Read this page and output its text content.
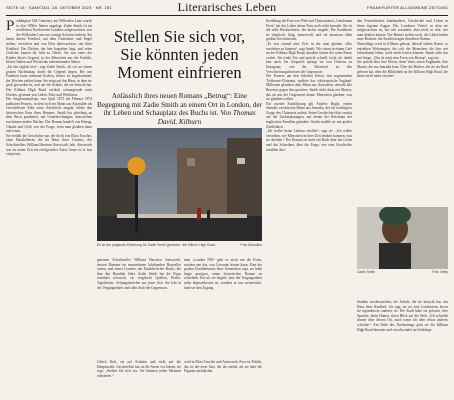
SEITE 18 · SAMSTAG, 28. OKTOBER 2023 · NR. 251	Literarisches Leben	FRANKFURTER ALLGEMEINE ZEITUNG

Paddington Old Cemetery am Willesden Lane wurde in den 1850er Jahren angelegt. Zadie Smith ist im nördlichen Nordwesten Londons aufgewachsen, von der Willesden Lane nur wenige Schritte entfernt. Sie kennt diesen Friedhof, auf dem Grabsteine und Engel stehen, verwittert und von Efeu überwachsen, seit ihrer Kindheit. Der Dichter, der hier begraben liegt, und seine Gedichte kamen ihr früh zu Ohren. Sie war eines der Kinder dieser Gegend, in der Menschen aus der Karibik, Irland, Indien und Westafrika nebeneinander lebten.

„Ich bin täglich hier“, sagt Zadie Smith, als wir an einem grauen Nachmittag durch die Gegend liegen. Bei uns Familien kann niemand fischen, keiner ist angekommen, der Wochen zahlen kann. Sie zeigt auf das Haus, in dem sie groß geworden ist, und auf die Schule, die sie besucht hat. Die Kilburn High Road verläuft schnurgerade nach Norden, gesäumt von Läden, Pubs und Wettbüros.

Der Jungfrauenpflege, von April 1873 bis Februar 1874 publiziert Prozess, in dem sich ein Mann aus Australien als verschollener Erbe eines Adelstitels ausgab, bildet den historischen Kern ihres Romans. Smith hat jahrelang an dem Buch gearbeitet, mit Unterbrechungen, dazwischen erschienen andere Bücher. Der Roman handelt von Betrug, Glaube und Geld, von der Frage, wem man glauben kann und wann.

Sie erzählt die Geschichte aus der Sicht von Eliza Touchet, einer Haushälterin, die im Haus ihres Cousins, des Schriftstellers William Harrison Ainsworth, lebt. Ainsworth war zu seiner Zeit ein erfolgreicher Autor, heute ist er fast vergessen.

Stellen Sie sich vor,
Sie könnten jeden
Moment einfrieren
Anlässlich ihres neuen Romans „Betrug“: Eine Begegnung mit Zadie Smith an einem Ort in London, der ihr Leben und Schauplatz des Buchs ist. Von Thomas David, Kilburn
Es ist die prägende Erfahrung für Zadie Smith gewesen: die Kilburn High Road.	Foto Mauritius

genauen Schriftsteller William Harrison Ainsworth, dessen Romane im neunzehnten Jahrhundert Bestseller waren, und seiner Cousine, der Erzählerin des Buchs, die ihm den Haushalt führt. Zadie Smith hat die Figur ernsthaft erforscht, sie vergleicht Quellen, Briefe, Tagebücher, Zeitungsberichte aus jener Zeit. Sie lebt in der Vergangenheit und sieht doch die Gegenwart.

man „London NW“ geht es nicht um die Form, sondern um das, was Literatur leisten kann. Eine der großen Erzählerinnen ihrer Generation sagt, sie habe lange gezögert, einen historischen Roman zu schreiben. Erst als sie begriff, dass die Vergangenheit nicht abgeschlossen ist, sondern in uns weiterwirkt, fand sie den Zugang.

Gleich Kob, sie auf Schulen und sieht auf die Hauptstraße. Geschrieben hat sie die Szene vor Jahren, sie sagt: „Stellen Sie sich vor, Sie könnten jeden Moment einfrieren.“

wird in Eliza Touchet und Ainsworth. Pose ist Politik, das ist der erste Satz, der ihr einfiel, als sie über die Figuren nachdachte.

Erzählung die Frau von Welt und Chauvinisten „Gentleman Frost“ hat das Leben dieser Frau noch nicht beendet. Sie ist die stille Beobachterin, der nichts entgeht. Die Erzählerin ist skeptisch, klug, humorvoll, und sie misstraut allen großen Gewissheiten.

„Es war einmal eine Zeit, in der man glaubte, alles verstehen zu können“, sagt Smith. Wir sitzen in einem Café an der Kilburn High Road, draußen fahren die roten Busse vorbei. Sie trinkt Tee und spricht schnell, lacht oft, denkt laut nach. Im Gespräch springt sie von Dickens zu Instagram, von der Sklaverei zu den Verschwörungstheorien der Gegenwart.

Der Prozess um den falschen Erben, den sogenannten Tichborne-Claimant, spaltete das viktorianische England. Millionen glaubten dem Mann aus Australien, obwohl alle Beweise gegen ihn sprachen. Smith sieht darin ein Muster, das sie aus der Gegenwart kennt: Menschen glauben, was sie glauben wollen.

Ein zweiter Erzählstrang gilt Andrew Bogle, einem ehemals versklavten Mann aus Jamaika, der als wichtigster Zeuge des Claimants auftrat. Seine Geschichte führt zurück auf die Zuckerplantagen, auf denen der Reichtum der englischen Familien gründete. Smith erzählt sie mit großer Zärtlichkeit.

„Ich wollte keine Lektion erteilen“, sagt sie. „Ich wollte verstehen, wie Menschen in ihrer Zeit denken konnten, was sie dachten.“ Der Roman sei auch ein Buch über das Lesen und das Schreiben, über die Frage, wer eine Geschichte erzählen darf.

den Fernsehserien Jahrhunderts, Geschichte und Leben in ihren eigenen Augen. Das Londoner Viertel, in dem sie aufgewachsen ist, hat sich verändert, aber nicht so sehr, wie man denken könnte. Die Häuser stehen noch, die Läden haben neue Besitzer, die Straßen tragen dieselben Namen.

Neuerdings wird in Kilburn gebaut, überall stehen Kräne, es entstehen Wohnungen, die sich die Menschen, die hier seit Jahrzehnten leben, nicht mehr leisten können. Smith sieht das mit Sorge. „Das ist auch eine Form von Betrug“, sagt sie.

Sie spricht über ihre Eltern, ihren Vater, einen Engländer, ihre Mutter, die aus Jamaika kam. Über die Bücher, die sie als Kind gelesen hat, über die Bibliothek an der Kilburn High Road, die heute nicht mehr existiert.

Zadie Smith	Foto Getty

Straßen wiederzusehen, die Schule, die sie besucht hat, das Haus ihrer Kindheit. Sie sagt, sie sei eine Londonerin, bevor sie irgendetwas anderes sei. Die Stadt habe sie geformt, ihre Sprache, ihren Humor, ihren Blick auf die Welt. „Ich schreibe immer über diesen Ort, auch wenn ich über etwas anderes schreibe.“ Am Ende des Nachmittags geht sie die Kilburn High Road hinunter und verschwindet im Gedränge.
